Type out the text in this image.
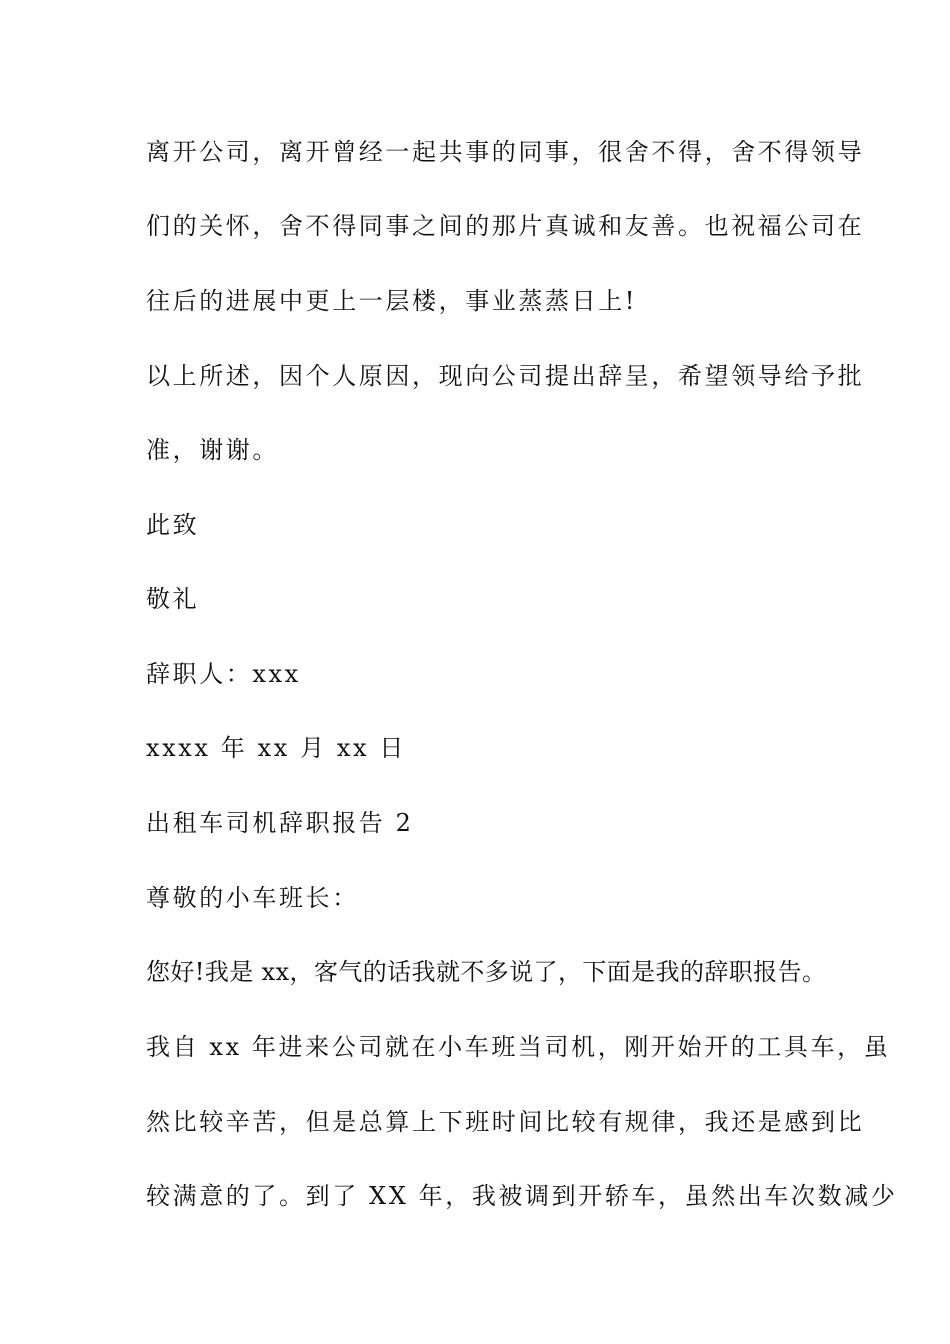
离开公司，离开曾经一起共事的同事，很舍不得，舍不得领导
们的关怀，舍不得同事之间的那片真诚和友善。也祝福公司在
往后的进展中更上一层楼，事业蒸蒸日上!
以上所述，因个人原因，现向公司提出辞呈，希望领导给予批
准，谢谢。
此致
敬礼
辞职人：xxx
xxxx 年 xx 月 xx 日
出租车司机辞职报告 2
尊敬的小车班长：
您好!我是 xx，客气的话我就不多说了，下面是我的辞职报告。
我自 xx 年进来公司就在小车班当司机，刚开始开的工具车，虽
然比较辛苦，但是总算上下班时间比较有规律，我还是感到比
较满意的了。到了 XX 年，我被调到开轿车，虽然出车次数减少
